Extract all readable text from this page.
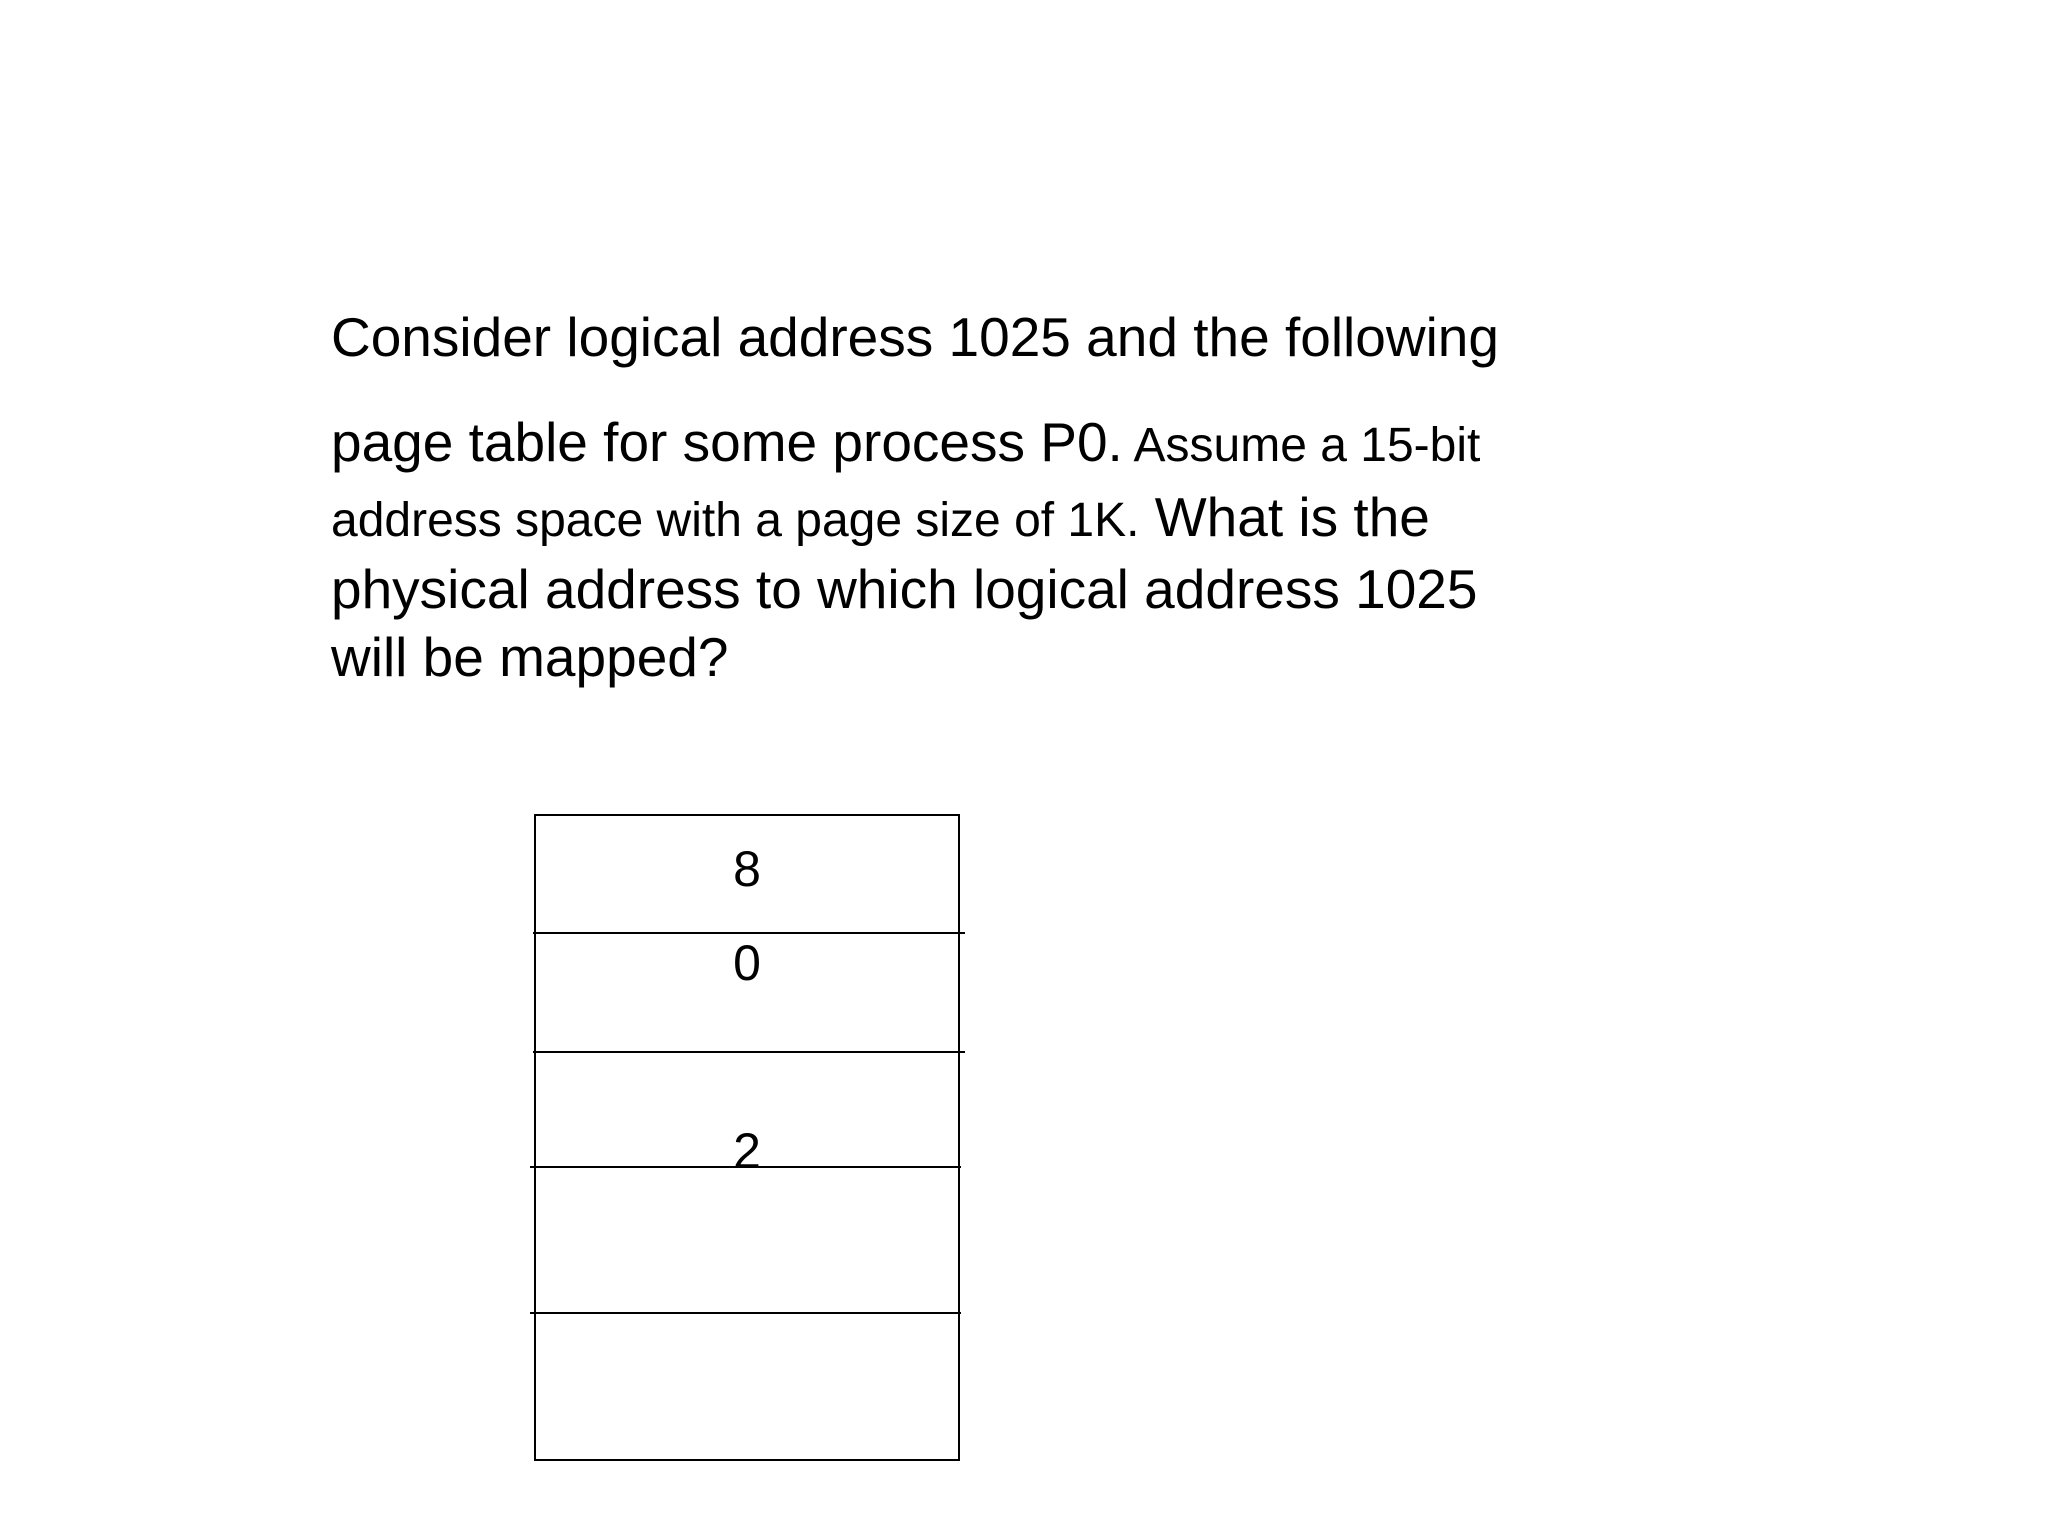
Consider logical address 1025 and the following
page table for some process P0. Assume a 15-bit
address space with a page size of 1K. What is the
physical address to which logical address 1025
will be mapped?
8
0
2
